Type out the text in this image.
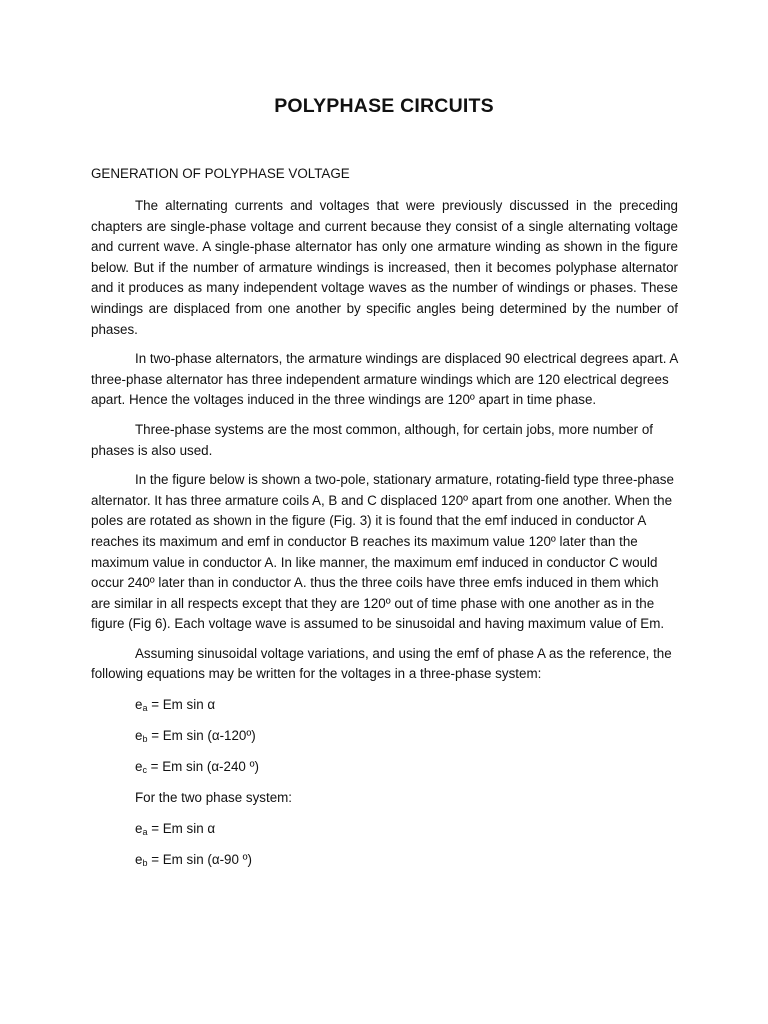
POLYPHASE CIRCUITS
GENERATION OF POLYPHASE VOLTAGE

The alternating currents and voltages that were previously discussed in the preceding chapters are single-phase voltage and current because they consist of a single alternating voltage and current wave. A single-phase alternator has only one armature winding as shown in the figure below. But if the number of armature windings is increased, then it becomes polyphase alternator and it produces as many independent voltage waves as the number of windings or phases. These windings are displaced from one another by specific angles being determined by the number of phases.

In two-phase alternators, the armature windings are displaced 90 electrical degrees apart. A three-phase alternator has three independent armature windings which are 120 electrical degrees apart. Hence the voltages induced in the three windings are 120º apart in time phase.

Three-phase systems are the most common, although, for certain jobs, more number of phases is also used.

In the figure below is shown a two-pole, stationary armature, rotating-field type three-phase alternator. It has three armature coils A, B and C displaced 120º apart from one another. When the poles are rotated as shown in the figure (Fig. 3) it is found that the emf induced in conductor A reaches its maximum and emf in conductor B reaches its maximum value 120º later than the maximum value in conductor A. In like manner, the maximum emf induced in conductor C would occur 240º later than in conductor A. thus the three coils have three emfs induced in them which are similar in all respects except that they are 120º out of time phase with one another as in the figure (Fig 6). Each voltage wave is assumed to be sinusoidal and having maximum value of Em.

Assuming sinusoidal voltage variations, and using the emf of phase A as the reference, the following equations may be written for the voltages in a three-phase system:

$e_a = Em$ sin α
$e_b = Em$ sin (α-120º)
$e_c = Em$ sin (α-240 º)
For the two phase system:
$e_a = Em$ sin α
$e_b = Em$ sin (α-90 º)
